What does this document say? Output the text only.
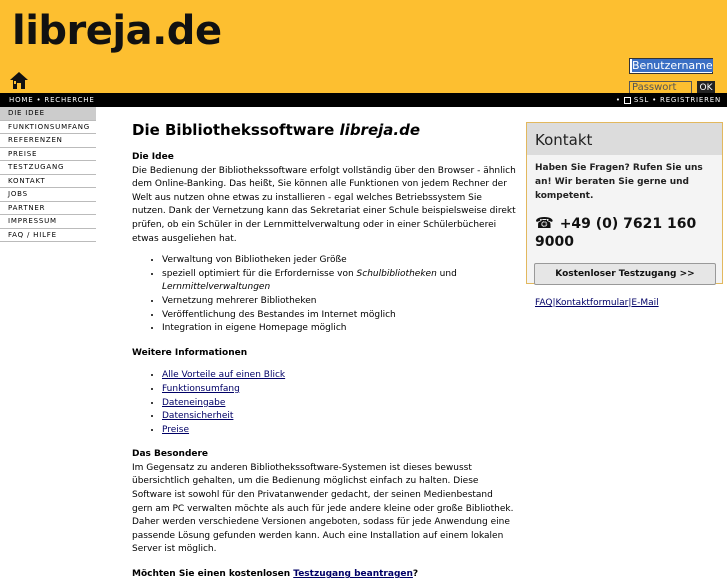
libreja.de
Benutzername
Passwort	OK
HOME • RECHERCHE	• SSL • REGISTRIEREN
DIE IDEE
FUNKTIONSUMFANG
REFERENZEN
PREISE
TESTZUGANG
KONTAKT
JOBS
PARTNER
IMPRESSUM
FAQ / HILFE
Die Bibliothekssoftware libreja.de

Die Idee

Die Bedienung der Bibliothekssoftware erfolgt vollständig über den Browser - ähnlich dem Online-Banking. Das heißt, Sie können alle Funktionen von jedem Rechner der Welt aus nutzen ohne etwas zu installieren - egal welches Betriebssystem Sie nutzen. Dank der Vernetzung kann das Sekretariat einer Schule beispielsweise direkt prüfen, ob ein Schüler in der Lernmittelverwaltung oder in einer Schülerbücherei etwas ausgeliehen hat.

• Verwaltung von Bibliotheken jeder Größe
• speziell optimiert für die Erfordernisse von Schulbibliotheken und Lernmittelverwaltungen
• Vernetzung mehrerer Bibliotheken
• Veröffentlichung des Bestandes im Internet möglich
• Integration in eigene Homepage möglich

Weitere Informationen

• Alle Vorteile auf einen Blick
• Funktionsumfang
• Dateneingabe
• Datensicherheit
• Preise

Das Besondere

Im Gegensatz zu anderen Bibliothekssoftware-Systemen ist dieses bewusst übersichtlich gehalten, um die Bedienung möglichst einfach zu halten. Diese Software ist sowohl für den Privatanwender gedacht, der seinen Medienbestand gern am PC verwalten möchte als auch für jede andere kleine oder große Bibliothek. Daher werden verschiedene Versionen angeboten, sodass für jede Anwendung eine passende Lösung gefunden werden kann. Auch eine Installation auf einem lokalen Server ist möglich.

Möchten Sie einen kostenlosen Testzugang beantragen?

Kontakt
Haben Sie Fragen? Rufen Sie uns an! Wir beraten Sie gerne und kompetent.
☎ +49 (0) 7621 160 9000
Kostenloser Testzugang >>
FAQ|Kontaktformular|E-Mail
